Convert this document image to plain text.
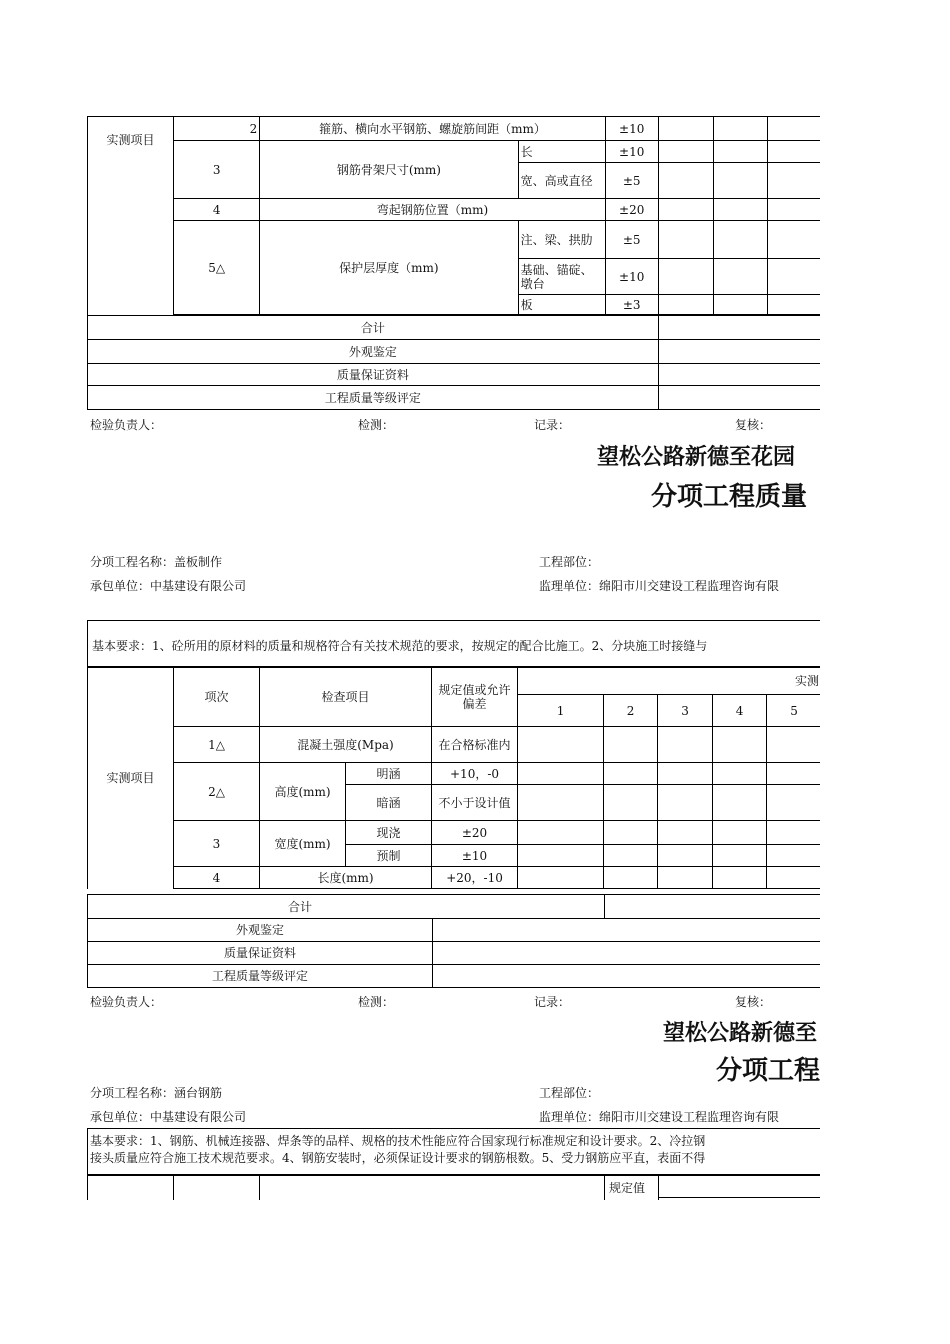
实测项目	2	箍筋、横向水平钢筋、螺旋筋间距（mm）		±10			
	3	钢筋骨架尺寸(mm)	长	±10			
			宽、高或直径	±5			
	4	弯起钢筋位置（mm)		±20			
	5△	保护层厚度（mm)	注、梁、拱肋	±5			
			基础、锚碇、墩台	±10			
			板	±3			

合计							
外观鉴定							
质量保证资料							
工程质量等级评定							
检验负责人：	检测：	记录：	复核：
望松公路新德至花园
分项工程质量
分项工程名称：盖板制作	工程部位：
承包单位：中基建设有限公司	监理单位：绵阳市川交建设工程监理咨询有限
基本要求：1、砼所用的原材料的质量和规格符合有关技术规范的要求，按规定的配合比施工。2、分块施工时接缝与
实测项目	项次	检查项目		规定值或允许偏差	实测				
					1	2	3	4	5
	1△	混凝土强度(Mpa)		在合格标准内					
	2△	高度(mm)	明涵	+10，-0					
			暗涵	不小于设计值					
	3	宽度(mm)	现浇	±20					
			预制	±10					
	4	长度(mm)		+20，-10					
合计	
外观鉴定	
质量保证资料	
工程质量等级评定	
检验负责人：	检测：	记录：	复核：
望松公路新德至
分项工程
分项工程名称：涵台钢筋	工程部位：
承包单位：中基建设有限公司	监理单位：绵阳市川交建设工程监理咨询有限
基本要求：1、钢筋、机械连接器、焊条等的品样、规格的技术性能应符合国家现行标准规定和设计要求。2、冷拉钢
接头质量应符合施工技术规范要求。4、钢筋安装时，必须保证设计要求的钢筋根数。5、受力钢筋应平直，表面不得
规定值
